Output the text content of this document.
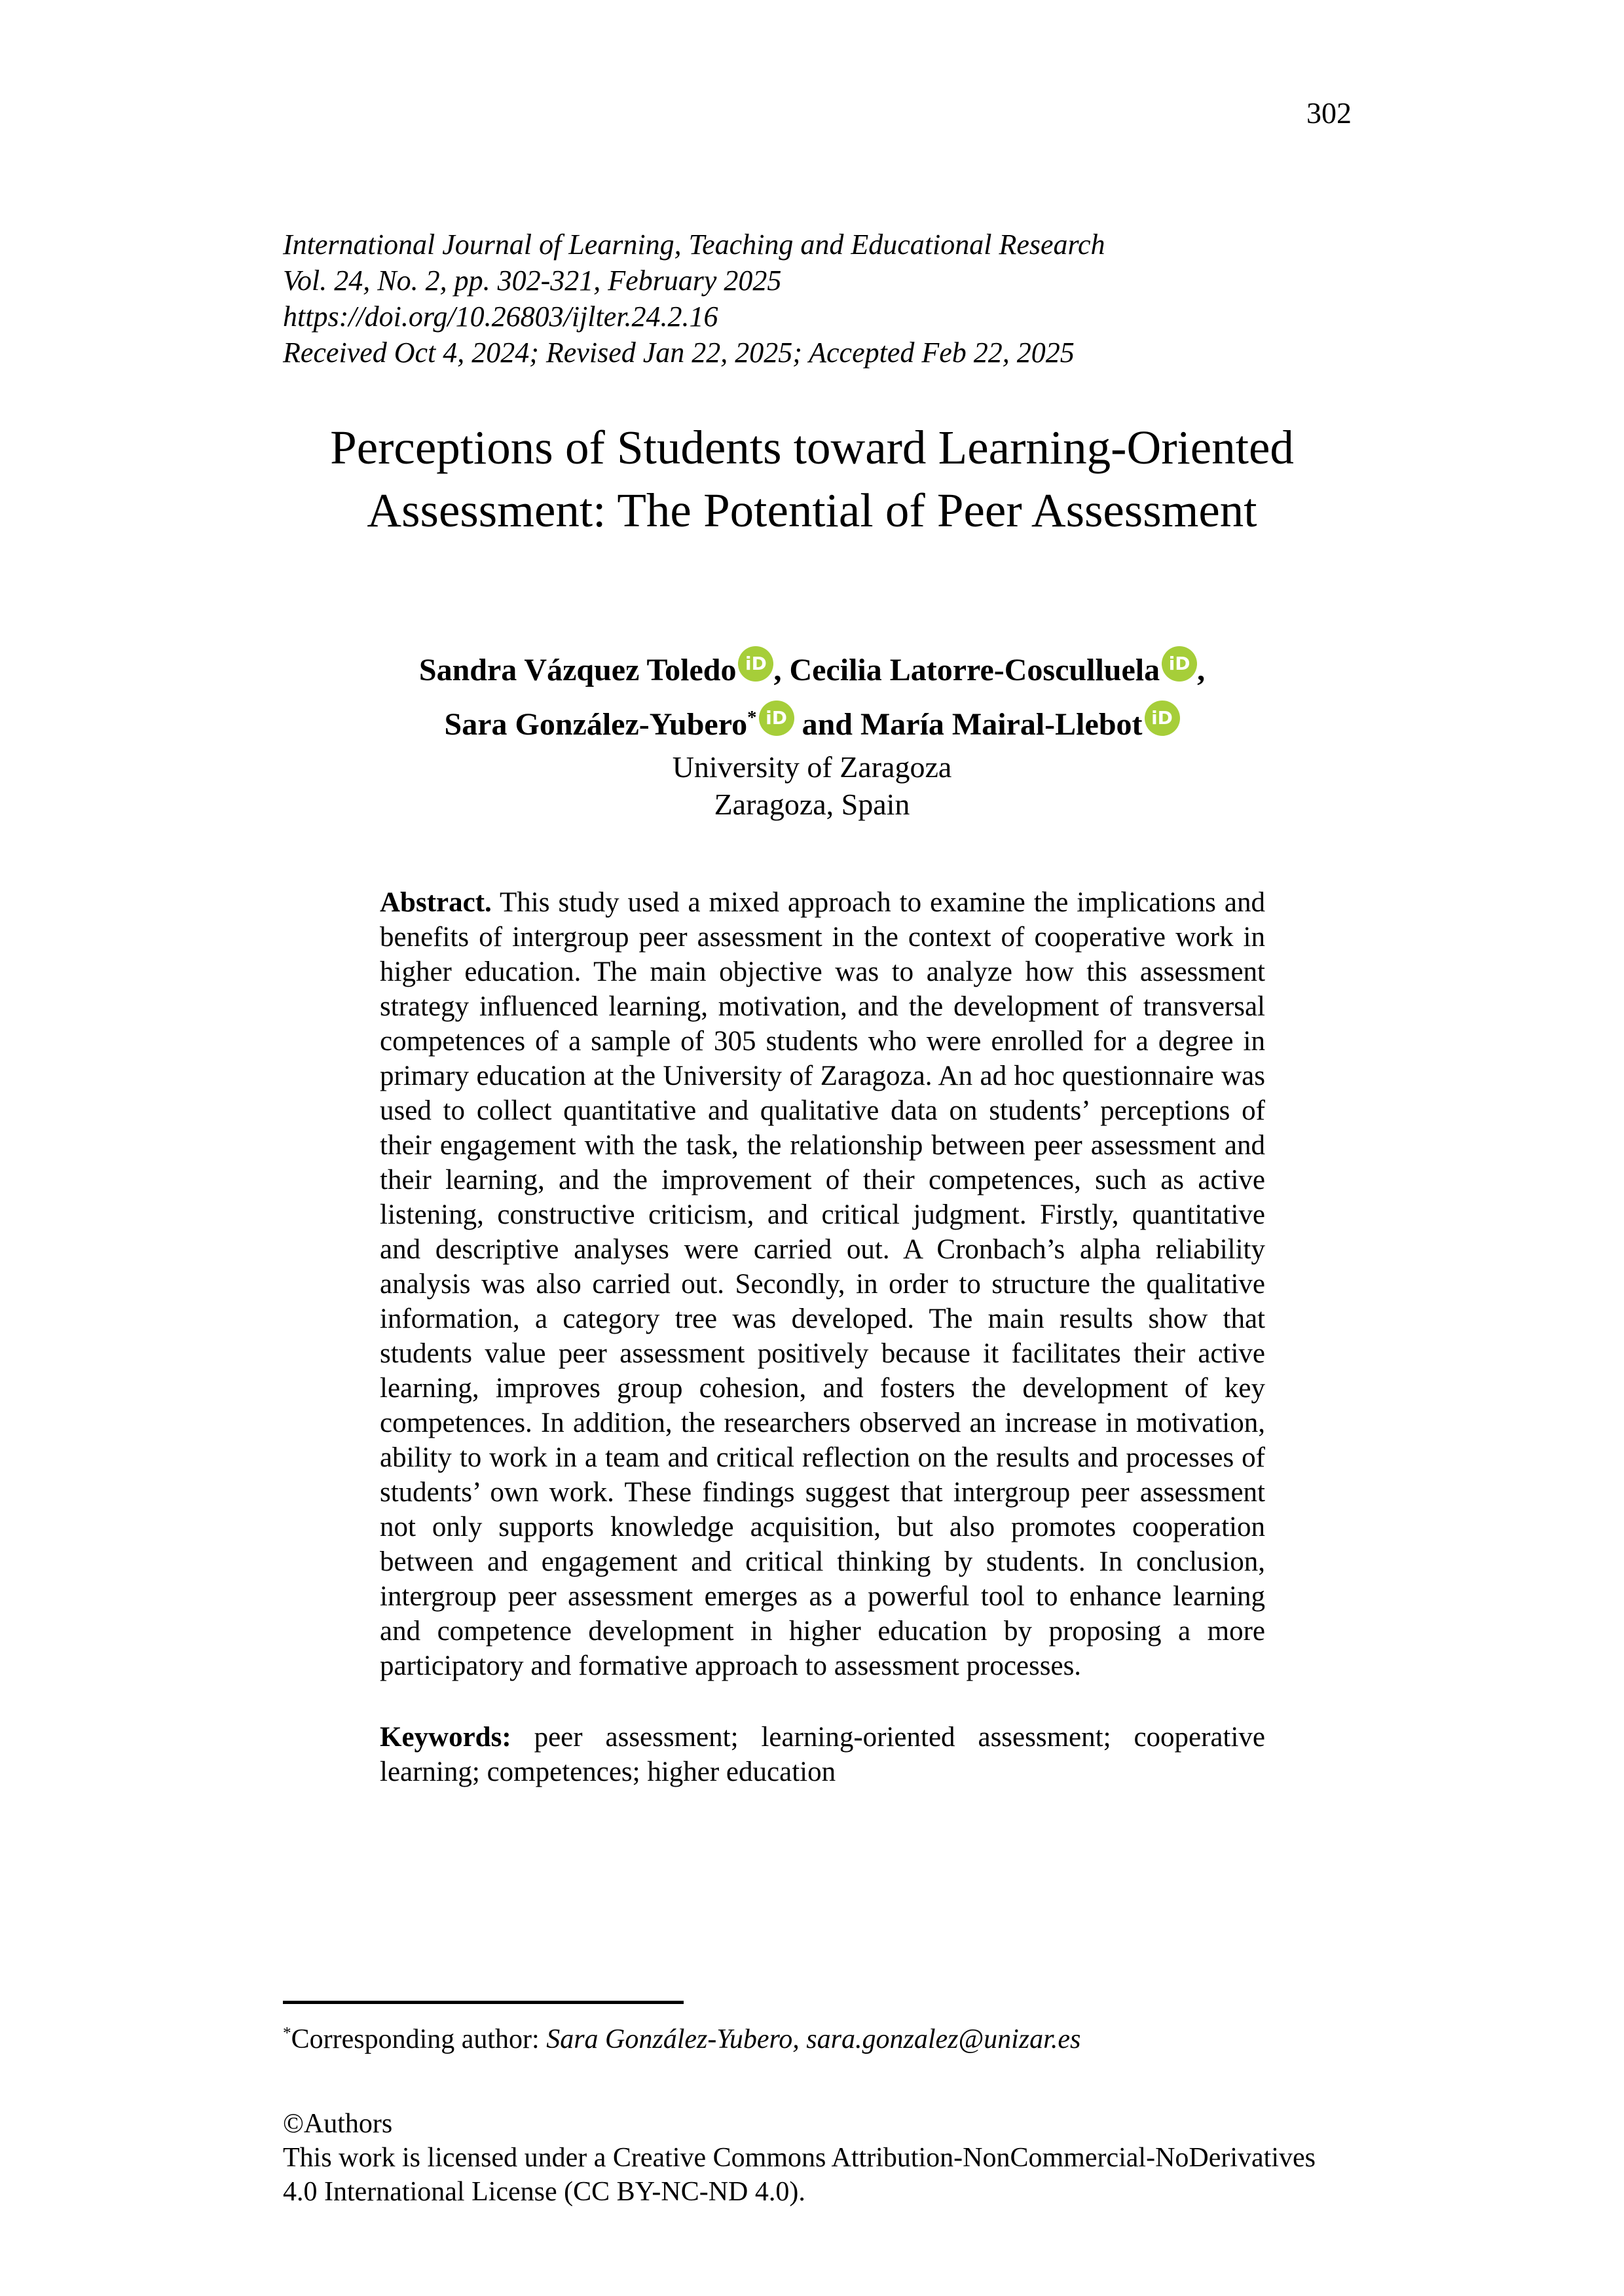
302
International Journal of Learning, Teaching and Educational Research
Vol. 24, No. 2, pp. 302-321, February 2025
https://doi.org/10.26803/ijlter.24.2.16
Received Oct 4, 2024; Revised Jan 22, 2025; Accepted Feb 22, 2025
Perceptions of Students toward Learning-Oriented Assessment: The Potential of Peer Assessment
Sandra Vázquez Toledo iD , Cecilia Latorre-Cosculluela iD ,
Sara González-Yubero* iD and María Mairal-Llebot iD
University of Zaragoza
Zaragoza, Spain

Abstract. This study used a mixed approach to examine the implications and benefits of intergroup peer assessment in the context of cooperative work in higher education. The main objective was to analyze how this assessment strategy influenced learning, motivation, and the development of transversal competences of a sample of 305 students who were enrolled for a degree in primary education at the University of Zaragoza. An ad hoc questionnaire was used to collect quantitative and qualitative data on students’ perceptions of their engagement with the task, the relationship between peer assessment and their learning, and the improvement of their competences, such as active listening, constructive criticism, and critical judgment. Firstly, quantitative and descriptive analyses were carried out. A Cronbach’s alpha reliability analysis was also carried out. Secondly, in order to structure the qualitative information, a category tree was developed. The main results show that students value peer assessment positively because it facilitates their active learning, improves group cohesion, and fosters the development of key competences. In addition, the researchers observed an increase in motivation, ability to work in a team and critical reflection on the results and processes of students’ own work. These findings suggest that intergroup peer assessment not only supports knowledge acquisition, but also promotes cooperation between and engagement and critical thinking by students. In conclusion, intergroup peer assessment emerges as a powerful tool to enhance learning and competence development in higher education by proposing a more participatory and formative approach to assessment processes.

Keywords: peer assessment; learning-oriented assessment; cooperative learning; competences; higher education

*Corresponding author: Sara González-Yubero, sara.gonzalez@unizar.es
©Authors
This work is licensed under a Creative Commons Attribution-NonCommercial-NoDerivatives 4.0 International License (CC BY-NC-ND 4.0).
